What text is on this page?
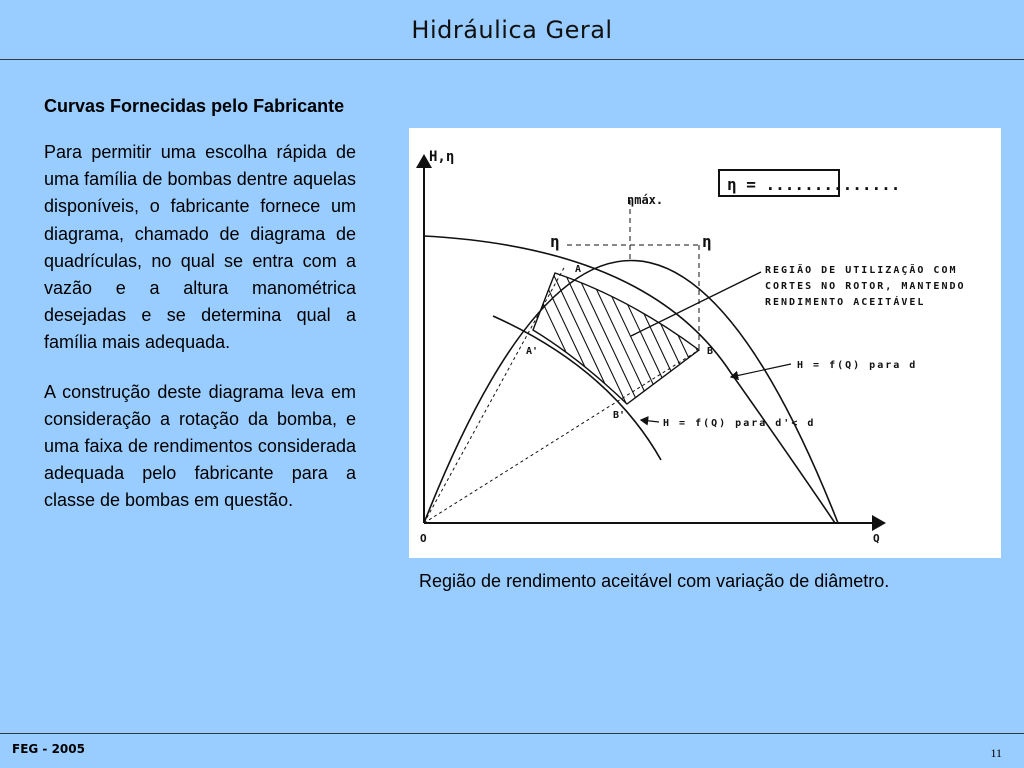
Hidráulica Geral
Curvas Fornecidas pelo Fabricante

Para permitir uma escolha rápida de uma família de bombas dentre aquelas disponíveis, o fabricante fornece um diagrama, chamado de diagrama de quadrículas, no qual se entra com a vazão e a altura manométrica desejadas e se determina qual a família mais adequada.

A construção deste diagrama leva em consideração a rotação da bomba, e uma faixa de rendimentos considerada adequada pelo fabricante para a classe de bombas em questão.

η = ..............
H,η
Q
O
ηmáx.
η	η
A
A'	B
B'
REGIÃO DE UTILIZAÇÃO COM
CORTES NO ROTOR, MANTENDO
RENDIMENTO ACEITÁVEL
H = f(Q) para d
H = f(Q) para d'< d
Região de rendimento aceitável com variação de diâmetro.
FEG - 2005	11
